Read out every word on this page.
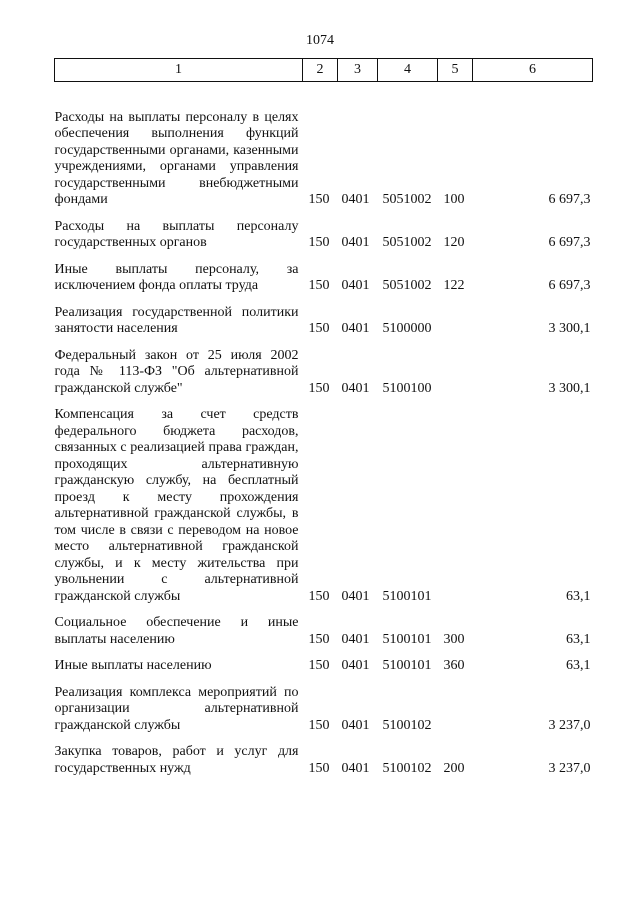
1074
1	2	3	4	5	6
Расходы на выплаты персоналу в целях обеспечения выполнения функций государственными органами, казенными учреждениями, органами управления государственными внебюджетными фондами	150	0401	5051002	100	6 697,3
Расходы на выплаты персоналу государственных органов	150	0401	5051002	120	6 697,3
Иные выплаты персоналу, за исключением фонда оплаты труда	150	0401	5051002	122	6 697,3
Реализация государственной политики занятости населения	150	0401	5100000		3 300,1
Федеральный закон от 25 июля 2002 года № 113-ФЗ "Об альтернативной гражданской службе"	150	0401	5100100		3 300,1
Компенсация за счет средств федерального бюджета расходов, связанных с реализацией права граждан, проходящих альтернативную гражданскую службу, на бесплатный проезд к месту прохождения альтернативной гражданской службы, в том числе в связи с переводом на новое место альтернативной гражданской службы, и к месту жительства при увольнении с альтернативной гражданской службы	150	0401	5100101		63,1
Социальное обеспечение и иные выплаты населению	150	0401	5100101	300	63,1
Иные выплаты населению	150	0401	5100101	360	63,1
Реализация комплекса мероприятий по организации альтернативной гражданской службы	150	0401	5100102		3 237,0
Закупка товаров, работ и услуг для государственных нужд	150	0401	5100102	200	3 237,0
